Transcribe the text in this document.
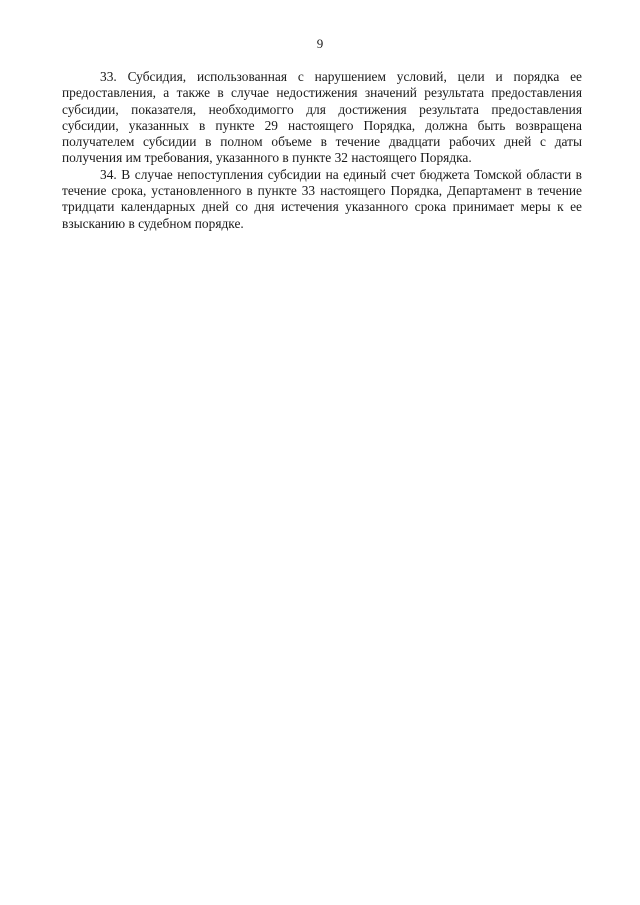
9

33. Субсидия, использованная с нарушением условий, цели и порядка ее предоставления, а также в случае недостижения значений результата предоставления субсидии, показателя, необходимогго для достижения результата предоставления субсидии, указанных в пункте 29 настоящего Порядка, должна быть возвращена получателем субсидии в полном объеме в течение двадцати рабочих дней с даты получения им требования, указанного в пункте 32 настоящего Порядка.

34. В случае непоступления субсидии на единый счет бюджета Томской области в течение срока, установленного в пункте 33 настоящего Порядка, Департамент в течение тридцати календарных дней со дня истечения указанного срока принимает меры к ее взысканию в судебном порядке.
